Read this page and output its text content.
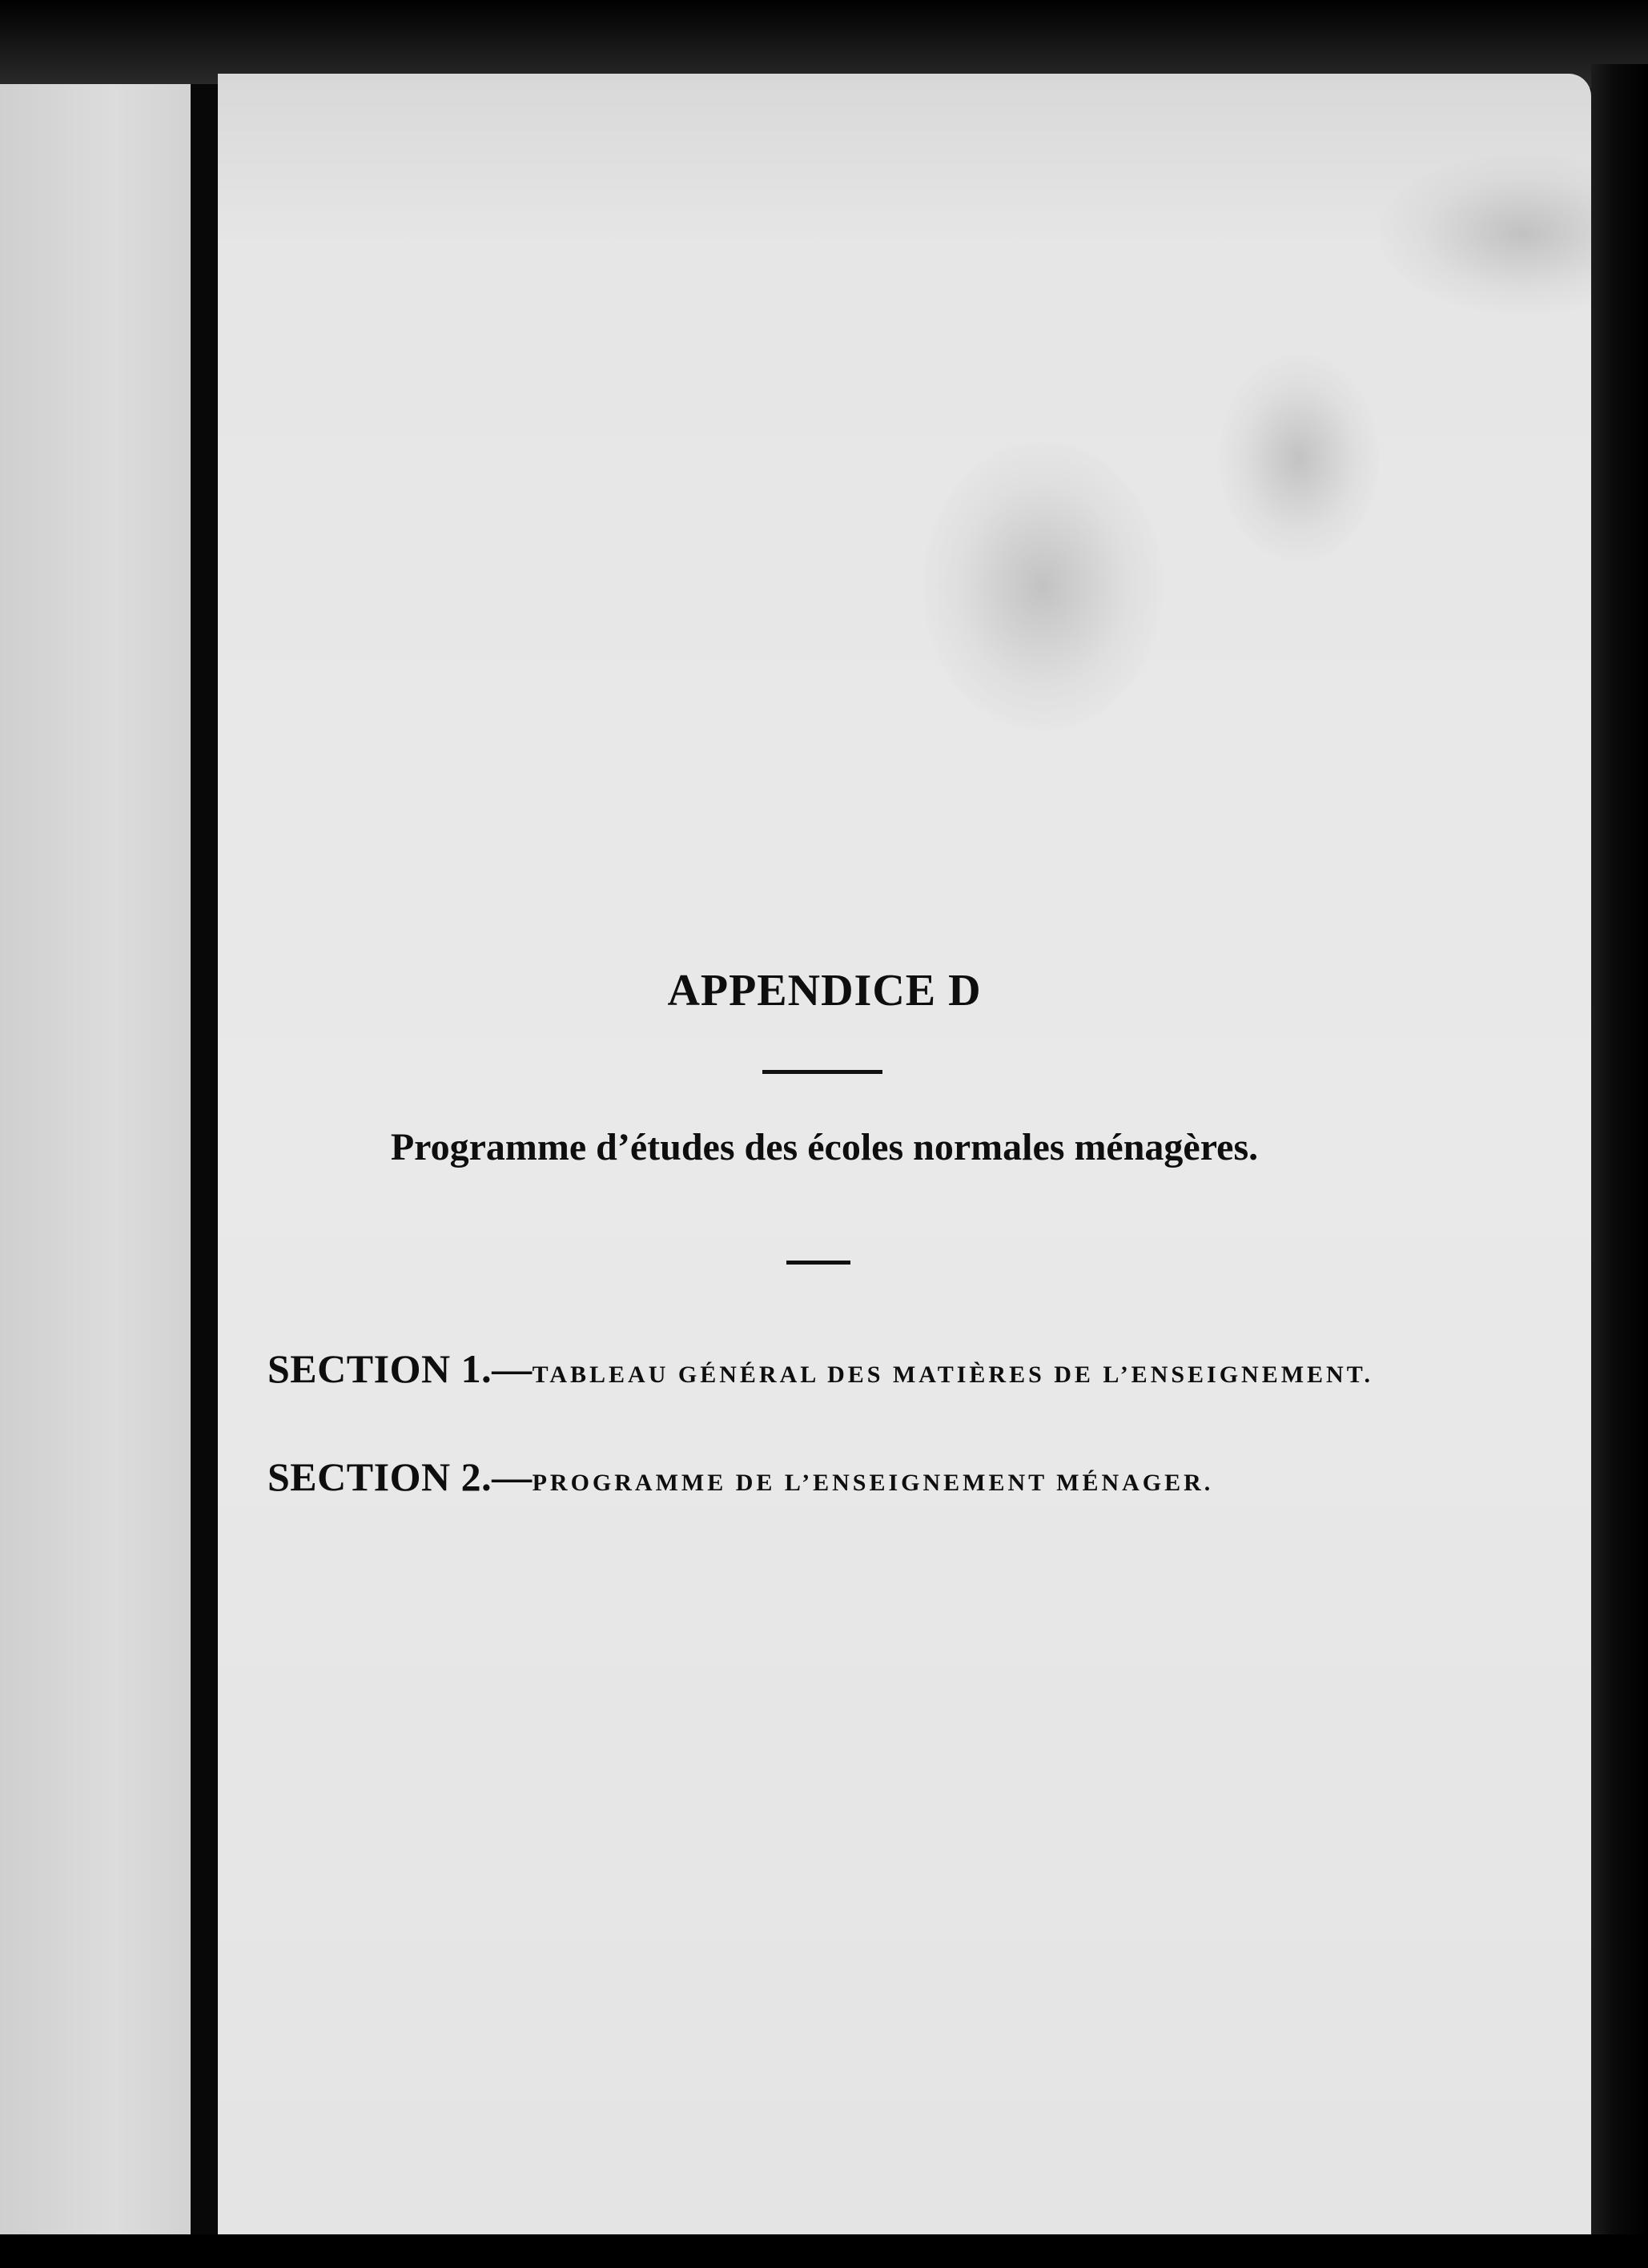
APPENDICE D
Programme d’études des écoles normales ménagères.

SECTION 1.—TABLEAU GÉNÉRAL DES MATIÈRES DE L’ENSEIGNEMENT.

SECTION 2.—PROGRAMME DE L’ENSEIGNEMENT MÉNAGER.
